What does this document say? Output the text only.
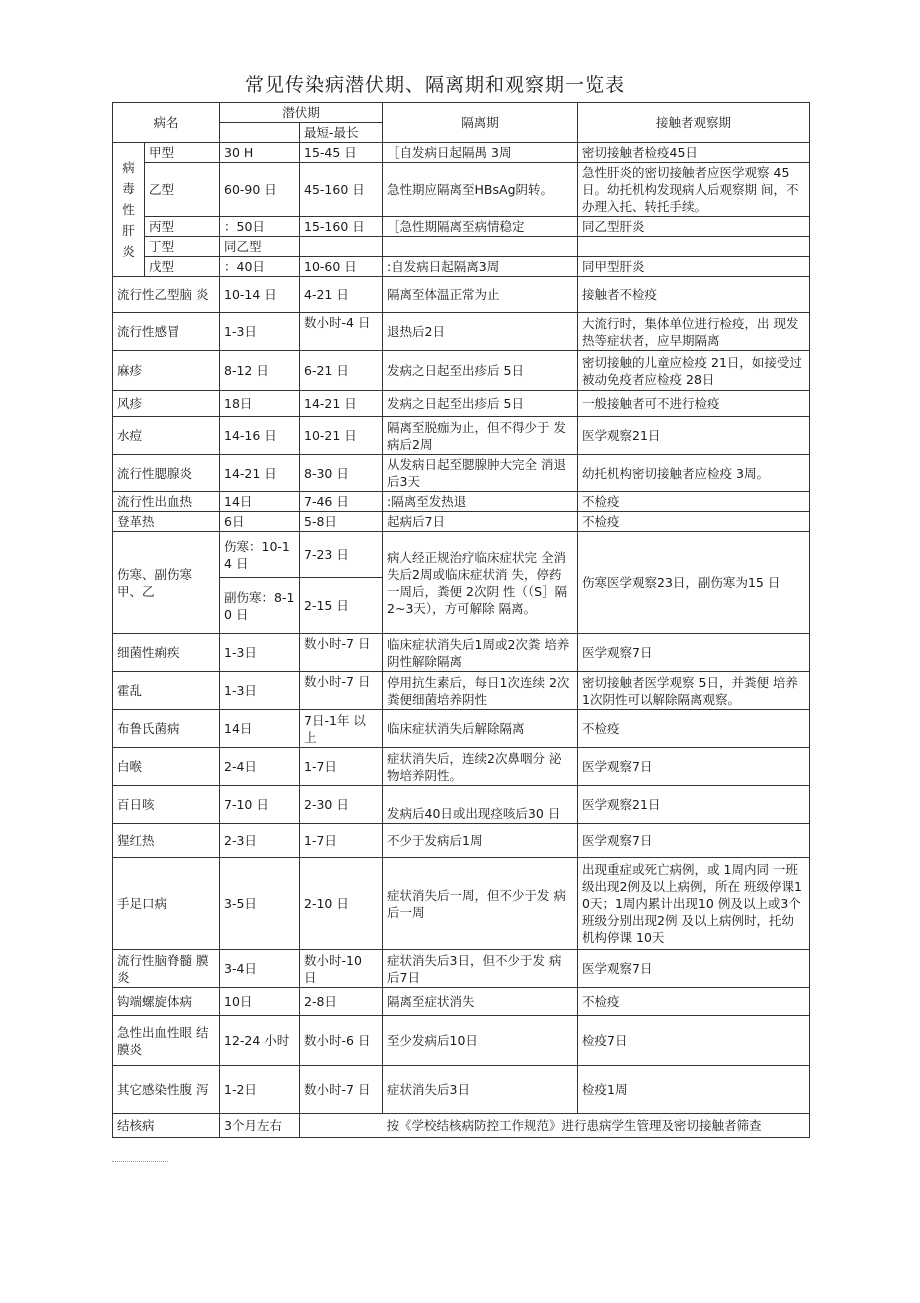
常见传染病潜伏期、隔离期和观察期一览表
病名		潜伏期		隔离期	接触者观察期
			最短-最长		
病 毒 性 肝 炎	甲型	30 H	15-45 日	［自发病日起隔禺 3周	密切接触者检疫45日
	乙型	60-90 日	45-160 日	急性期应隔离至HBsAg阴转。	急性肝炎的密切接触者应医学观察 45日。幼托机构发现病人后观察期 间，不办理入托、转托手续。
	丙型	：50日	15-160 日	［急性期隔离至病情稳定	同乙型肝炎
	丁型	同乙型			
	戊型	：40日	10-60 日	:自发病日起隔离3周	同甲型肝炎
流行性乙型脑 炎		10-14 日	4-21 日	隔离至体温正常为止	接触者不检疫
流行性感冒		1-3日	数小时-4 日	退热后2日	大流行时，集体单位进行检疫，出 现发热等症状者，应早期隔离
麻疹		8-12 日	6-21 日	发病之日起至出疹后 5日	密切接触的儿童应检疫 21日，如接受过被动免疫者应检疫 28日
风疹		18日	14-21 日	发病之日起至出疹后 5日	一般接触者可不进行检疫
水痘		14-16 日	10-21 日	隔离至脱痂为止，但不得少于 发病后2周	医学观察21日
流行性腮腺炎		14-21 日	8-30 日	从发病日起至腮腺肿大完全 消退后3天	幼托机构密切接触者应检疫 3周。
流行性出血热		14日	7-46 日	:隔离至发热退	不检疫
登革热		6日	5-8日	起病后7日	不检疫
伤寒、副伤寒 甲、乙		伤寒：10-14 日	7-23 日	病人经正规治疗临床症状完 全消失后2周或临床症状消 失，停药一周后，粪便 2次阴 性（（S］隔2~3天），方可解除 隔离。	伤寒医学观察23日，副伤寒为15 日
		副伤寒：8-10 日	2-15 日		
细菌性痢疾		1-3日	数小时-7 日	临床症状消失后1周或2次粪 培养阴性解除隔离	医学观察7日
霍乱		1-3日	数小时-7 日	停用抗生素后，每日1次连续 2次粪便细菌培养阴性	密切接触者医学观察 5日，并粪便 培养1次阴性可以解除隔离观察。
布鲁氏菌病		14日	7日-1年 以上	临床症状消失后解除隔离	不检疫
白喉		2-4日	1-7日	症状消失后，连续2次鼻咽分 泌物培养阴性。	医学观察7日
百日咳		7-10 日	2-30 日	发病后40日或出现痉咳后30 日	医学观察21日
猩红热		2-3日	1-7日	不少于发病后1周	医学观察7日
手足口病		3-5日	2-10 日	症状消失后一周，但不少于发 病后一周	出现重症或死亡病例，或 1周内同 一班级出现2例及以上病例，所在 班级停课10天；1周内累计出现10 例及以上或3个班级分别出现2例 及以上病例时，托幼机构停课 10天
流行性脑脊髓 膜炎		3-4日	数小时-10 日	症状消失后3日，但不少于发 病后7日	医学观察7日
钩端螺旋体病		10日	2-8日	隔离至症状消失	不检疫
急性出血性眼 结膜炎		12-24 小时	数小时-6 日	至少发病后10日	检疫7日
其它感染性腹 泻		1-2日	数小时-7 日	症状消失后3日	检疫1周
结核病		3个月左右		按《学校结核病防控工作规范》进行患病学生管理及密切接触者筛查	
